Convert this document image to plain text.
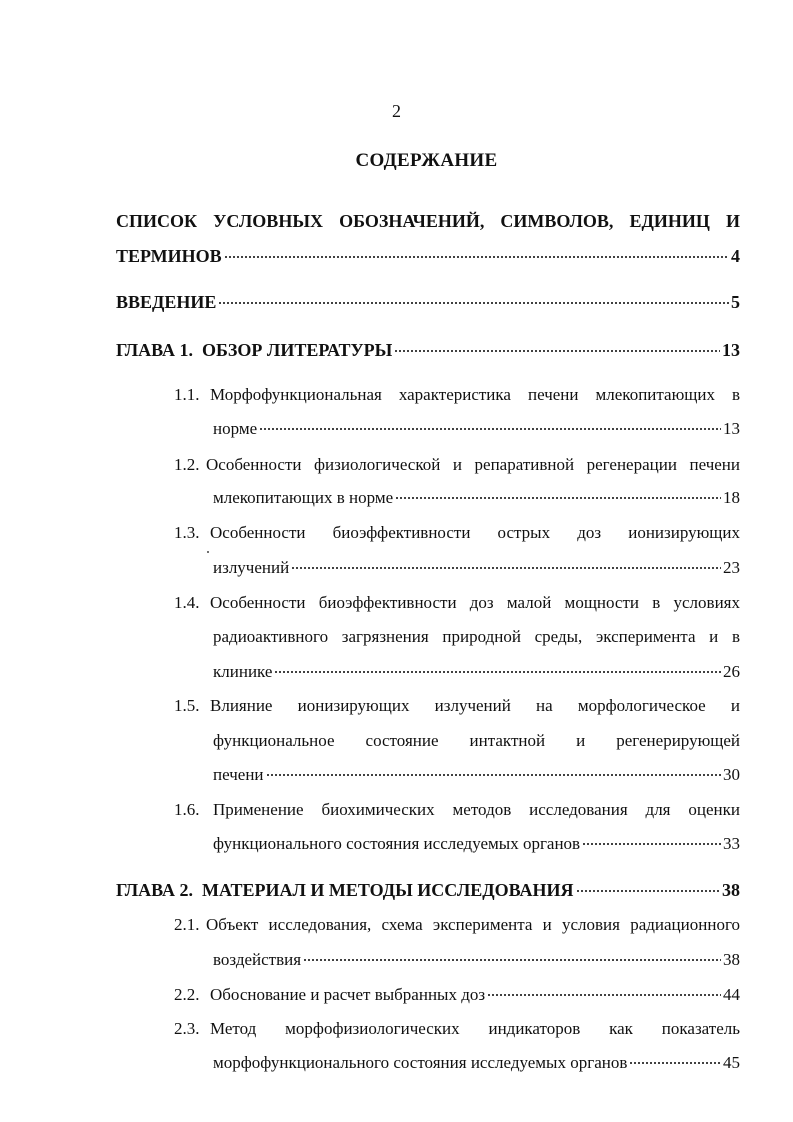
2
СОДЕРЖАНИЕ
СПИСОК УСЛОВНЫХ ОБОЗНАЧЕНИЙ, СИМВОЛОВ, ЕДИНИЦ И
ТЕРМИНОВ	4
ВВЕДЕНИЕ	5
ГЛАВА 1. ОБЗОР ЛИТЕРАТУРЫ	13
1.1. Морфофункциональная характеристика печени млекопитающих в
норме	13
1.2. Особенности физиологической и репаративной регенерации печени
млекопитающих в норме	18
1.3. Особенности биоэффективности острых доз ионизирующих
излучений	23
1.4. Особенности биоэффективности доз малой мощности в условиях
радиоактивного загрязнения природной среды, эксперимента и в
клинике	26
1.5. Влияние ионизирующих излучений на морфологическое и
функциональное состояние интактной и регенерирующей
печени	30
1.6. Применение биохимических методов исследования для оценки
функционального состояния исследуемых органов	33
ГЛАВА 2. МАТЕРИАЛ И МЕТОДЫ ИССЛЕДОВАНИЯ	38
2.1. Объект исследования, схема эксперимента и условия радиационного
воздействия	38
2.2. Обоснование и расчет выбранных доз	44
2.3. Метод морфофизиологических индикаторов как показатель
морфофункционального состояния исследуемых органов	45
